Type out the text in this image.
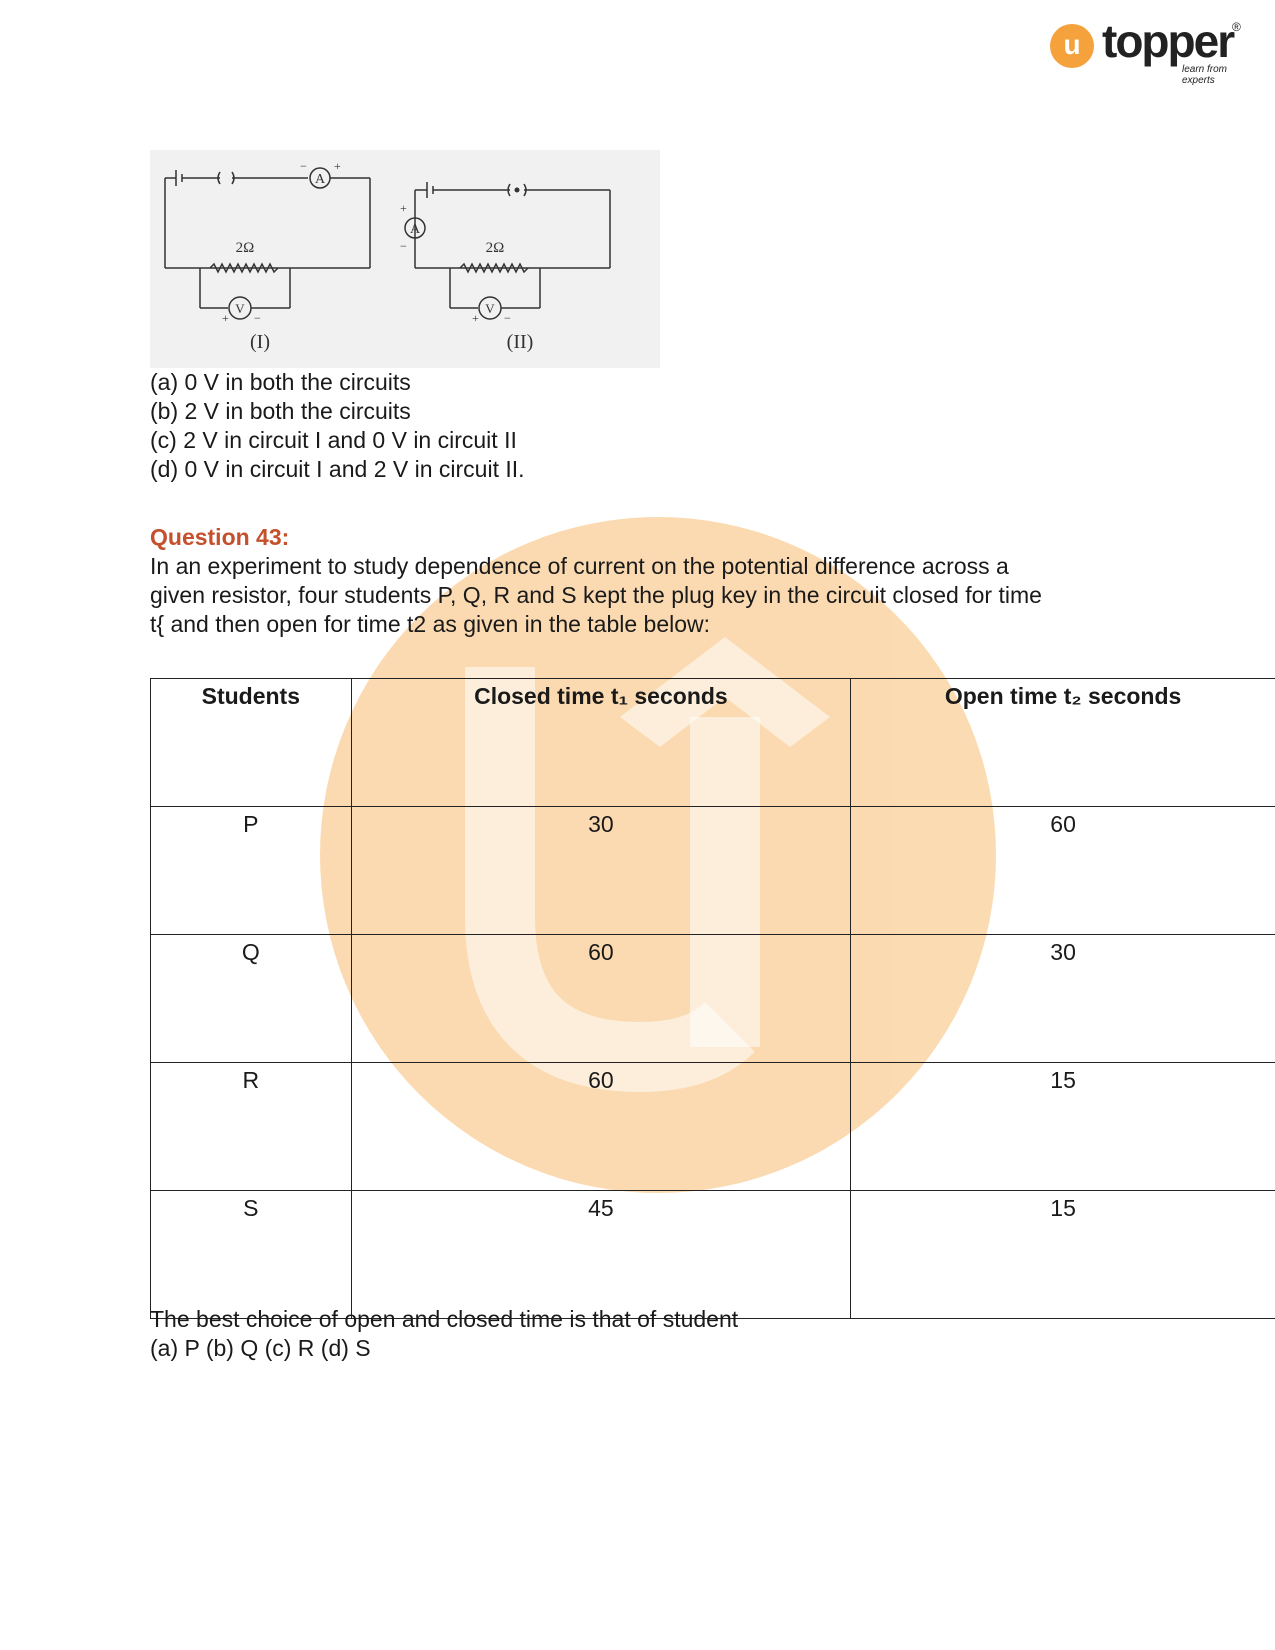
u topper
®
learn from experts
A
− +
2Ω
V
+ −
(I)
A
+
−	2Ω
V
+ −
(II)
(a) 0 V in both the circuits
(b) 2 V in both the circuits
(c) 2 V in circuit I and 0 V in circuit II
(d) 0 V in circuit I and 2 V in circuit II.
Question 43:
In an experiment to study dependence of current on the potential difference across a
given resistor, four students P, Q, R and S kept the plug key in the circuit closed for time
t{ and then open for time t2 as given in the table below:
Students	Closed time t₁ seconds	Open time t₂ seconds
P	30	60
Q	60	30
R	60	15
S	45	15
The best choice of open and closed time is that of student
(a) P (b) Q (c) R (d) S
